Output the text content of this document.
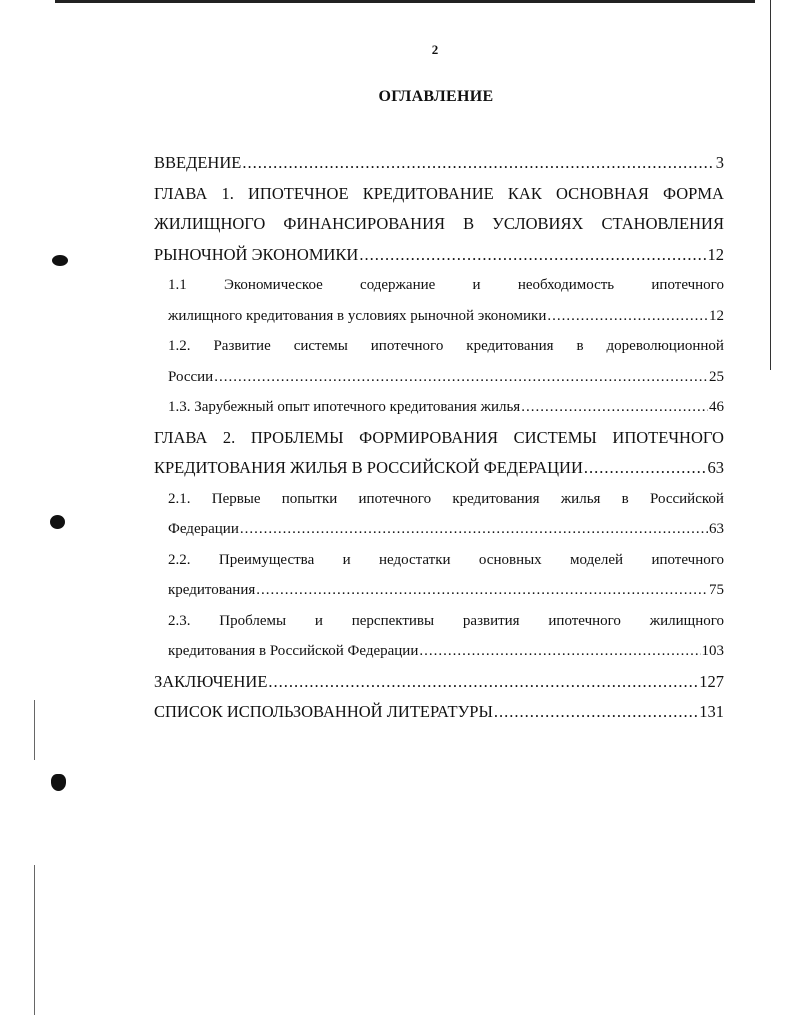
2
ОГЛАВЛЕНИЕ
ВВЕДЕНИЕ .....	3
ГЛАВА 1. ИПОТЕЧНОЕ КРЕДИТОВАНИЕ КАК ОСНОВНАЯ ФОРМА
ЖИЛИЩНОГО ФИНАНСИРОВАНИЯ В УСЛОВИЯХ СТАНОВЛЕНИЯ
РЫНОЧНОЙ ЭКОНОМИКИ .....	12
1.1 Экономическое содержание и необходимость ипотечного
жилищного кредитования в условиях рыночной экономики .....	12
1.2. Развитие системы ипотечного кредитования в дореволюционной
России .....	25
1.3. Зарубежный опыт ипотечного кредитования жилья .....	46
ГЛАВА 2. ПРОБЛЕМЫ ФОРМИРОВАНИЯ СИСТЕМЫ ИПОТЕЧНОГО
КРЕДИТОВАНИЯ ЖИЛЬЯ В РОССИЙСКОЙ ФЕДЕРАЦИИ .....	63
2.1. Первые попытки ипотечного кредитования жилья в Российской
Федерации .....	63
2.2. Преимущества и недостатки основных моделей ипотечного
кредитования .....	75
2.3. Проблемы и перспективы развития ипотечного жилищного
кредитования в Российской Федерации .....	103
ЗАКЛЮЧЕНИЕ .....	127
СПИСОК ИСПОЛЬЗОВАННОЙ ЛИТЕРАТУРЫ .....	131
